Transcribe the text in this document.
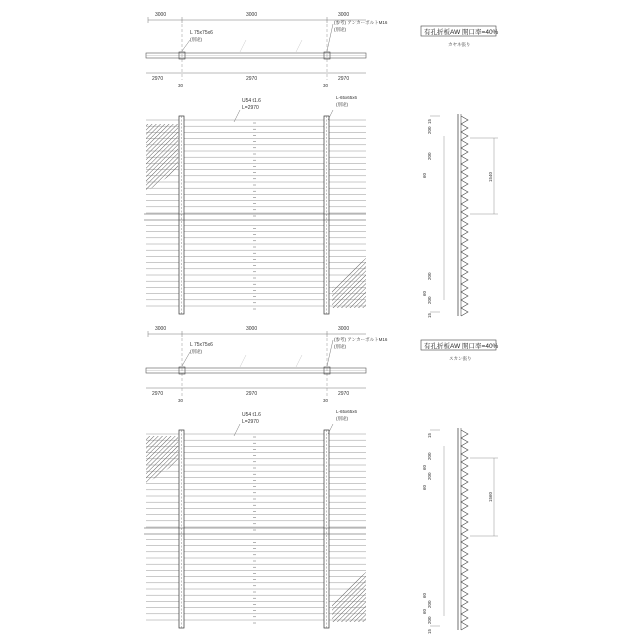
3000	3000	3000
L 75x75x6
(別途)
(参考) アンカーボルトM16
(別途)
2970	2970	2970
30	30
U54 t1.6
L=2970
L-65x65x6
(別途)
有孔折板AW 開口率=40%
カヤネ張り
15
200
200
1540
200
200
15
60
60
3000	3000	3000
L 75x75x6
(別途)
(参考) アンカーボルトM16
(別途)
2970	2970	2970
30	30
U54 t1.6
L=2970
L-65x65x6
(別途)
有孔折板AW 開口率=40%
スカン張り
15
200
200
1560
200
200
15
60
60
60
60
